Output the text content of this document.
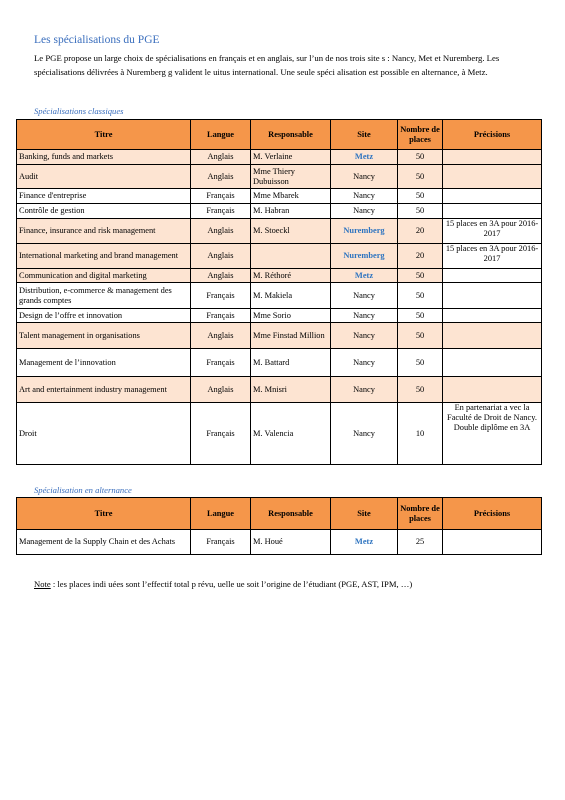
Les spécialisations du PGE
Le PGE propose un large choix de spécialisations en français et en anglais, sur l’un de nos trois site s : Nancy, Met et Nuremberg. Les spécialisations délivrées à Nuremberg g valident le uitus international. Une seule spéci alisation est possible en alternance, à Metz.
Spécialisations classiques
Titre	Langue	Responsable	Site	Nombre de places	Précisions
Banking, funds and markets	Anglais	M. Verlaine	Metz	50	
Audit	Anglais	Mme Thiery Dubuisson	Nancy	50	
Finance d'entreprise	Français	Mme Mbarek	Nancy	50	
Contrôle de gestion	Français	M. Habran	Nancy	50	
Finance, insurance and risk management	Anglais	M. Stoeckl	Nuremberg	20	15 places en 3A pour 2016-2017
International marketing and brand management	Anglais		Nuremberg	20	15 places en 3A pour 2016-2017
Communication and digital marketing	Anglais	M. Réthoré	Metz	50	
Distribution, e-commerce & management des grands comptes	Français	M. Makiela	Nancy	50	
Design de l’offre et innovation	Français	Mme Sorio	Nancy	50	
Talent management in organisations	Anglais	Mme Finstad Million	Nancy	50	
Management de l’innovation	Français	M. Battard	Nancy	50	
Art and entertainment industry management	Anglais	M. Mnisri	Nancy	50	
Droit	Français	M. Valencia	Nancy	10	En partenariat a vec la Faculté de Droit de Nancy. Double diplôme en 3A
Spécialisation en alternance
Titre	Langue	Responsable	Site	Nombre de places	Précisions
Management de la Supply Chain et des Achats	Français	M. Houé	Metz	25	
Note : les places indi uées sont l’effectif total p révu, uelle ue soit l’origine de l’étudiant (PGE, AST, IPM, …)
